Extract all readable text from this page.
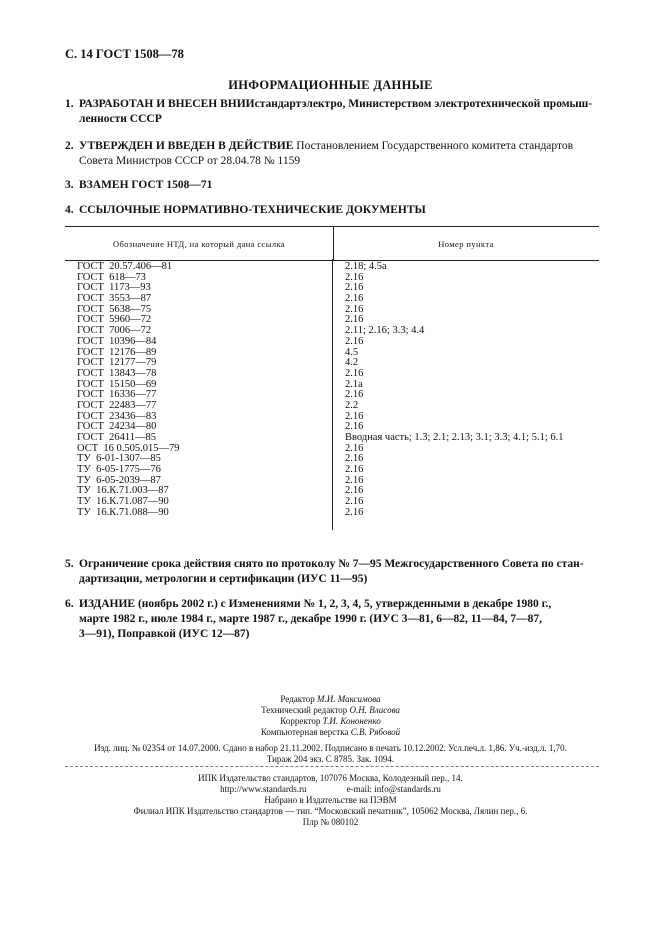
С. 14 ГОСТ 1508—78
ИНФОРМАЦИОННЫЕ ДАННЫЕ
1. РАЗРАБОТАН И ВНЕСЕН ВНИИстандартэлектро, Министерством электротехнической промыш-
ленности СССР
2. УТВЕРЖДЕН И ВВЕДЕН В ДЕЙСТВИЕ Постановлением Государственного комитета стандартов
Совета Министров СССР от 28.04.78 № 1159
3. ВЗАМЕН ГОСТ 1508—71
4. ССЫЛОЧНЫЕ НОРМАТИВНО-ТЕХНИЧЕСКИЕ ДОКУМЕНТЫ
Обозначение НТД, на который дана ссылка	Номер пункта
ГОСТ  20.57.406—81	2.18; 4.5а
ГОСТ  618—73	2.16
ГОСТ  1173—93	2.16
ГОСТ  3553—87	2.16
ГОСТ  5638—75	2.16
ГОСТ  5960—72	2.16
ГОСТ  7006—72	2.11; 2.16; 3.3; 4.4
ГОСТ  10396—84	2.16
ГОСТ  12176—89	4.5
ГОСТ  12177—79	4.2
ГОСТ  13843—78	2.16
ГОСТ  15150—69	2.1а
ГОСТ  16336—77	2.16
ГОСТ  22483—77	2.2
ГОСТ  23436—83	2.16
ГОСТ  24234—80	2.16
ГОСТ  26411—85	Вводная часть; 1.3; 2.1; 2.13; 3.1; 3.3; 4.1; 5.1; 6.1
ОСТ  16 0.505.015—79	2.16
ТУ  6-01-1307—85	2.16
ТУ  6-05-1775—76	2.16
ТУ  6-05-2039—87	2.16
ТУ  16.К.71.003—87	2.16
ТУ  16.К.71.087—90	2.16
ТУ  16.К.71.088—90	2.16
5. Ограничение срока действия снято по протоколу № 7—95 Межгосударственного Совета по стан-
дартизации, метрологии и сертификации (ИУС 11—95)
6. ИЗДАНИЕ (ноябрь 2002 г.) с Изменениями № 1, 2, 3, 4, 5, утвержденными в декабре 1980 г.,
марте 1982 г., июле 1984 г., марте 1987 г., декабре 1990 г. (ИУС 3—81, 6—82, 11—84, 7—87,
3—91), Поправкой (ИУС 12—87)
Редактор М.И. Максимова
Технический редактор О.Н. Власова
Корректор Т.И. Кононенко
Компьютерная верстка С.В. Рябовой
Изд. лиц. № 02354 от 14.07.2000. Сдано в набор 21.11.2002. Подписано в печать 10.12.2002. Усл.печ.л. 1,86. Уч.-изд.л. 1,70.
Тираж 204 экз. С 8785. Зак. 1094.
ИПК Издательство стандартов, 107076 Москва, Колодезный пер., 14.
http://www.standards.ru	e-mail: info@standards.ru
Набрано в Издательстве на ПЭВМ
Филиал ИПК Издательство стандартов — тип. “Московский печатник”, 105062 Москва, Лялин пер., 6.
Плр № 080102
